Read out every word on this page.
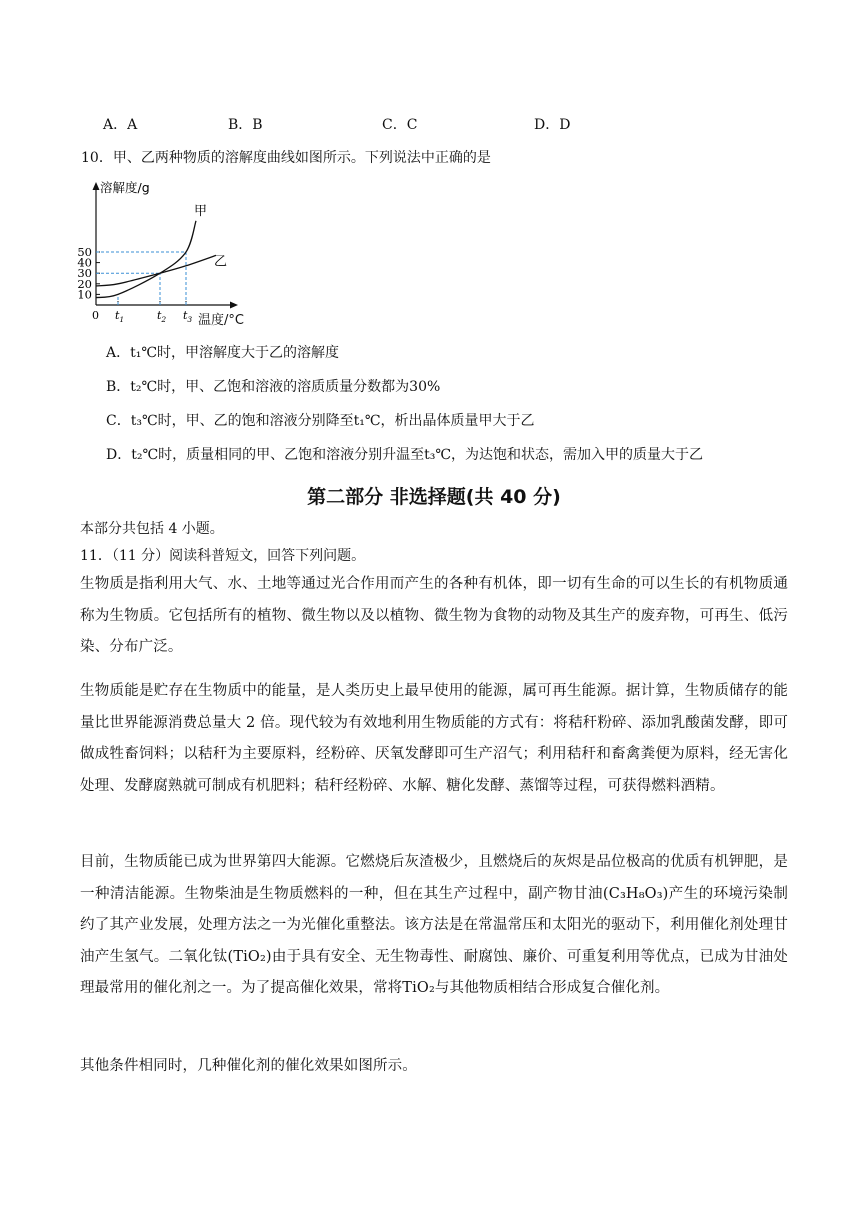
A．A	B．B	C．C	D．D
10．甲、乙两种物质的溶解度曲线如图所示。下列说法中正确的是
溶解度/g
0
10
20
30
40
50
$t_1$	$t_2$ $t_3$
甲
乙
温度/°C
A．t₁℃时，甲溶解度大于乙的溶解度
B．t₂℃时，甲、乙饱和溶液的溶质质量分数都为30%
C．t₃℃时，甲、乙的饱和溶液分别降至t₁℃，析出晶体质量甲大于乙
D．t₂℃时，质量相同的甲、乙饱和溶液分别升温至t₃℃，为达饱和状态，需加入甲的质量大于乙
第二部分 非选择题(共 40 分)
本部分共包括 4 小题。
11．（11 分）阅读科普短文，回答下列问题。
生物质是指利用大气、水、土地等通过光合作用而产生的各种有机体，即一切有生命的可以生长的有机物质通称为生物质。它包括所有的植物、微生物以及以植物、微生物为食物的动物及其生产的废弃物，可再生、低污染、分布广泛。
生物质能是贮存在生物质中的能量，是人类历史上最早使用的能源，属可再生能源。据计算，生物质储存的能量比世界能源消费总量大 2 倍。现代较为有效地利用生物质能的方式有：将秸秆粉碎、添加乳酸菌发酵，即可做成牲畜饲料；以秸秆为主要原料，经粉碎、厌氧发酵即可生产沼气；利用秸秆和畜禽粪便为原料，经无害化处理、发酵腐熟就可制成有机肥料；秸秆经粉碎、水解、糖化发酵、蒸馏等过程，可获得燃料酒精。
目前，生物质能已成为世界第四大能源。它燃烧后灰渣极少，且燃烧后的灰烬是品位极高的优质有机钾肥，是一种清洁能源。生物柴油是生物质燃料的一种，但在其生产过程中，副产物甘油(C₃H₈O₃)产生的环境污染制约了其产业发展，处理方法之一为光催化重整法。该方法是在常温常压和太阳光的驱动下，利用催化剂处理甘油产生氢气。二氧化钛(TiO₂)由于具有安全、无生物毒性、耐腐蚀、廉价、可重复利用等优点，已成为甘油处理最常用的催化剂之一。为了提高催化效果，常将TiO₂与其他物质相结合形成复合催化剂。
其他条件相同时，几种催化剂的催化效果如图所示。
